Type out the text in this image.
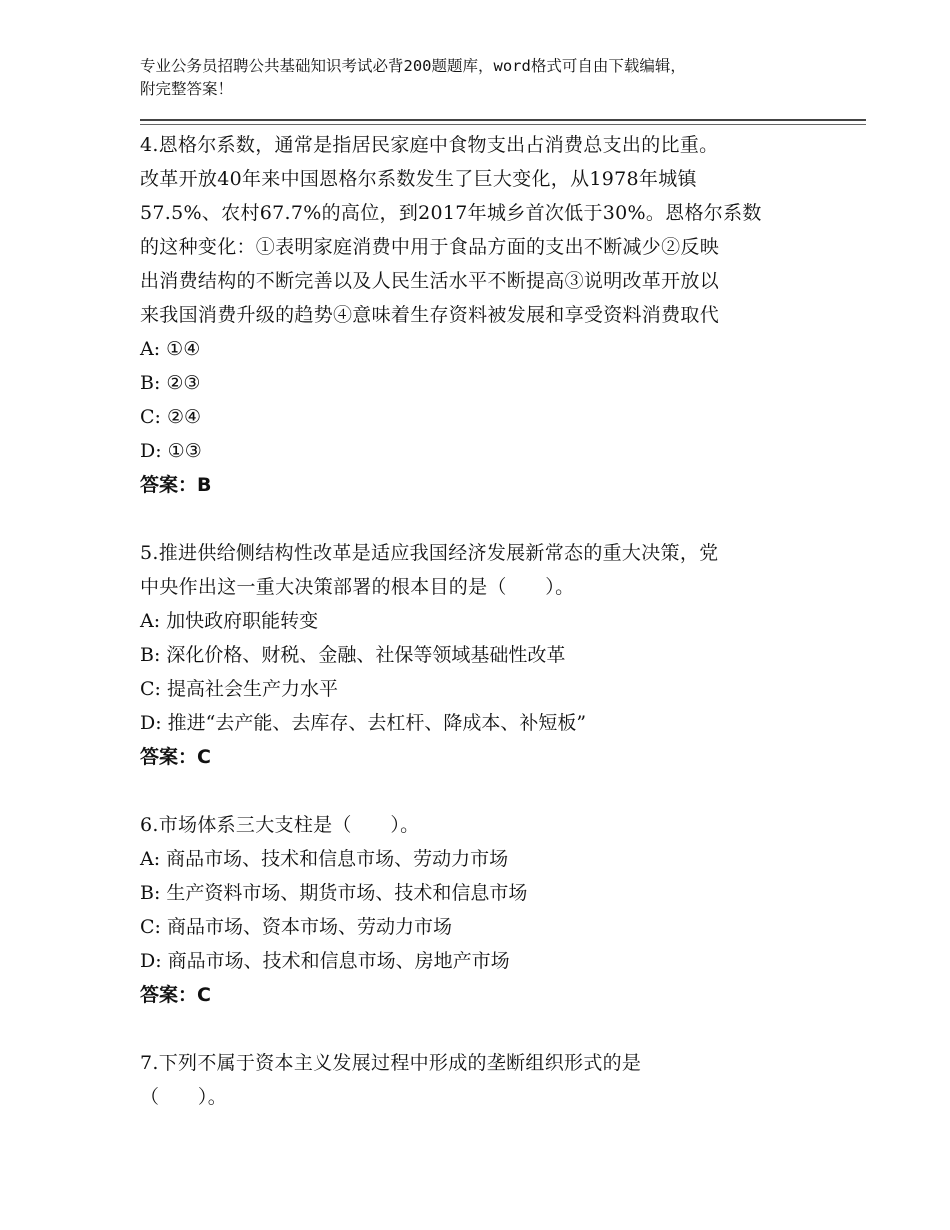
专业公务员招聘公共基础知识考试必背200题题库，word格式可自由下载编辑，
附完整答案！
4.恩格尔系数，通常是指居民家庭中食物支出占消费总支出的比重。
改革开放40年来中国恩格尔系数发生了巨大变化，从1978年城镇
57.5%、农村67.7%的高位，到2017年城乡首次低于30%。恩格尔系数
的这种变化：①表明家庭消费中用于食品方面的支出不断减少②反映
出消费结构的不断完善以及人民生活水平不断提高③说明改革开放以
来我国消费升级的趋势④意味着生存资料被发展和享受资料消费取代
A: ①④
B: ②③
C: ②④
D: ①③
答案：B
5.推进供给侧结构性改革是适应我国经济发展新常态的重大决策，党
中央作出这一重大决策部署的根本目的是（　　）。
A: 加快政府职能转变
B: 深化价格、财税、金融、社保等领域基础性改革
C: 提高社会生产力水平
D: 推进“去产能、去库存、去杠杆、降成本、补短板”
答案：C
6.市场体系三大支柱是（　　）。
A: 商品市场、技术和信息市场、劳动力市场
B: 生产资料市场、期货市场、技术和信息市场
C: 商品市场、资本市场、劳动力市场
D: 商品市场、技术和信息市场、房地产市场
答案：C
7.下列不属于资本主义发展过程中形成的垄断组织形式的是
（　　）。
